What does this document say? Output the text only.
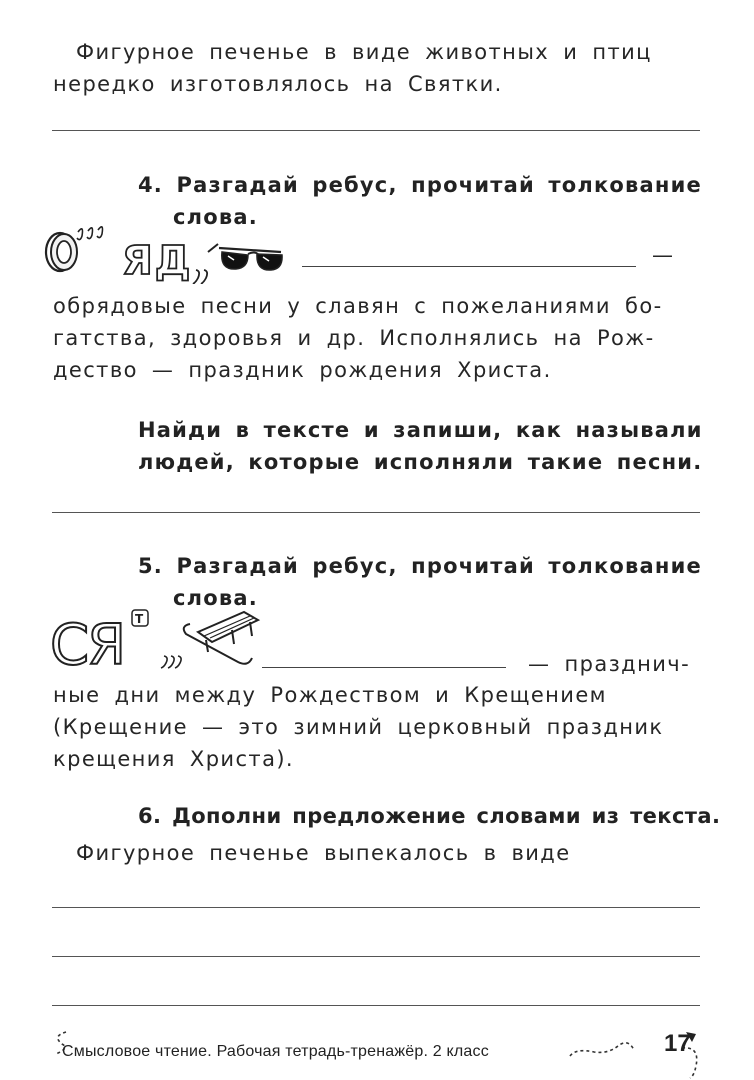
Фигурное печенье в виде животных и птиц
нередко изготовлялось на Святки.
4. Разгадай ребус, прочитай толкование
слова.
ЯД	—
обрядовые песни у славян с пожеланиями бо-
гатства, здоровья и др. Исполнялись на Рож-
дество — праздник рождения Христа.
Найди в тексте и запиши, как называли
людей, которые исполняли такие песни.
5. Разгадай ребус, прочитай толкование
слова.
СЯ Т
— празднич-
ные дни между Рождеством и Крещением
(Крещение — это зимний церковный праздник
крещения Христа).
6. Дополни предложение словами из текста.
Фигурное печенье выпекалось в виде
Смысловое чтение. Рабочая тетрадь-тренажёр. 2 класс	17
